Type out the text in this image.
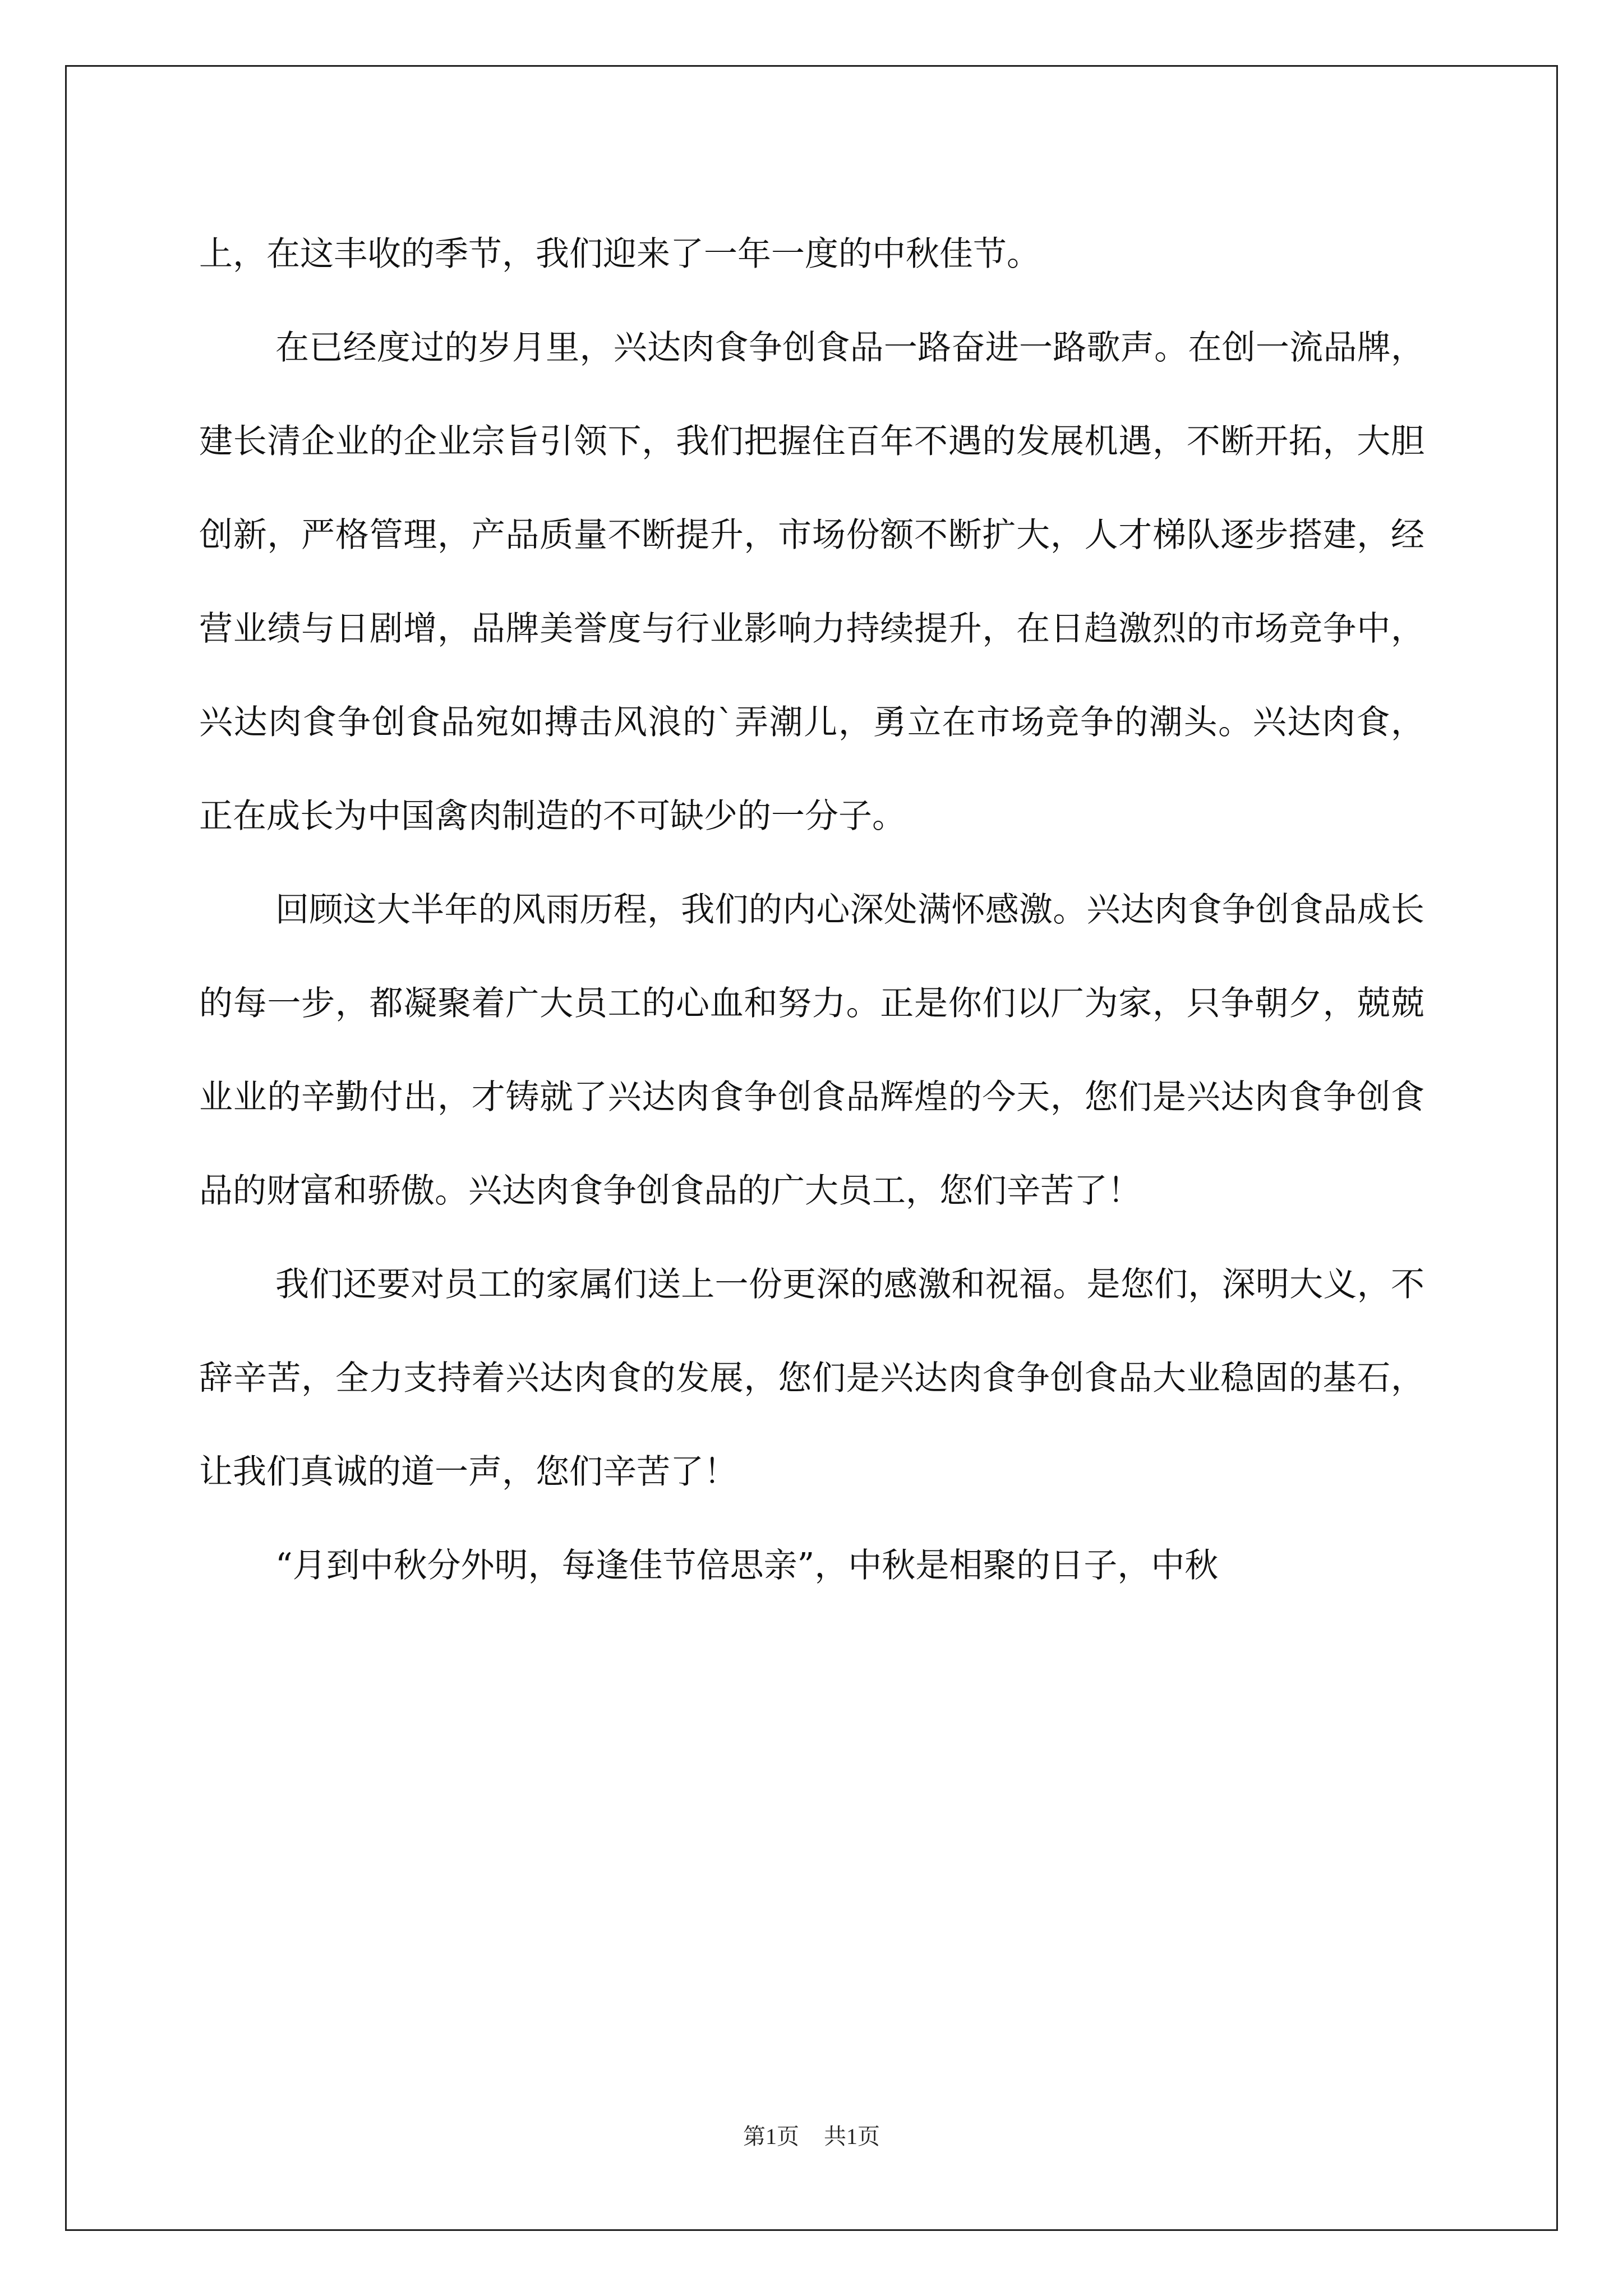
上，在这丰收的季节，我们迎来了一年一度的中秋佳节。

在已经度过的岁月里，兴达肉食争创食品一路奋进一路歌声。在创一流品牌，建长清企业的企业宗旨引领下，我们把握住百年不遇的发展机遇，不断开拓，大胆创新，严格管理，产品质量不断提升，市场份额不断扩大，人才梯队逐步搭建，经营业绩与日剧增，品牌美誉度与行业影响力持续提升，在日趋激烈的市场竞争中，兴达肉食争创食品宛如搏击风浪的`弄潮儿，勇立在市场竞争的潮头。兴达肉食，正在成长为中国禽肉制造的不可缺少的一分子。

回顾这大半年的风雨历程，我们的内心深处满怀感激。兴达肉食争创食品成长的每一步，都凝聚着广大员工的心血和努力。正是你们以厂为家，只争朝夕，兢兢业业的辛勤付出，才铸就了兴达肉食争创食品辉煌的今天，您们是兴达肉食争创食品的财富和骄傲。兴达肉食争创食品的广大员工，您们辛苦了！

我们还要对员工的家属们送上一份更深的感激和祝福。是您们，深明大义，不辞辛苦，全力支持着兴达肉食的发展，您们是兴达肉食争创食品大业稳固的基石，让我们真诚的道一声，您们辛苦了！

“月到中秋分外明，每逢佳节倍思亲”，中秋是相聚的日子，中秋

第1页 共1页
